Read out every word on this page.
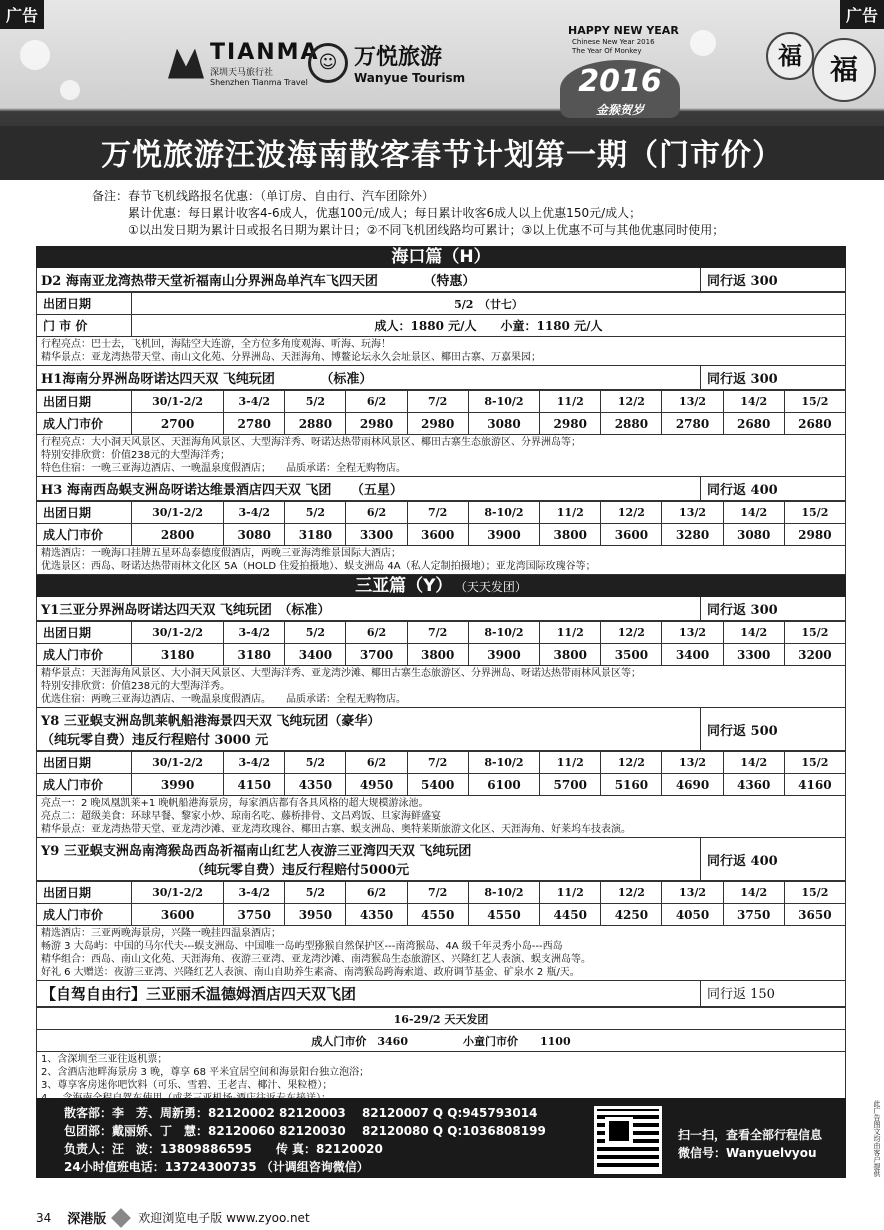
广告	广告
TIANMA
深圳天马旅行社
Shenzhen Tianma Travel
☺ 万悦旅游
Wanyue Tourism
HAPPY NEW YEAR
Chinese New Year 2016
The Year Of Monkey
2016
金猴贺岁
福 福
万悦旅游汪波海南散客春节计划第一期（门市价）
备注：春节飞机线路报名优惠：（单订房、自由行、汽车团除外）
　　　累计优惠：每日累计收客4-6成人，优惠100元/成人；每日累计收客6成人以上优惠150元/成人；
　　　①以出发日期为累计日或报名日期为累计日；②不同飞机团线路均可累计；③以上优惠不可与其他优惠同时使用；
海口篇（H）
D2 海南亚龙湾热带天堂祈福南山分界洲岛单汽车飞四天团　　　　	（特惠）	同行返 300
出团日期	5/2　（廿七）
门 市 价	成人：1880 元/人　　小童：1180 元/人
行程亮点：巴士去，飞机回，海陆空大连游，全方位多角度观海、听海、玩海！
精华景点：亚龙湾热带天堂、南山文化苑、分界洲岛、天涯海角、博鳌论坛永久会址景区、椰田古寨、万嘉果园；
H1海南分界洲岛呀诺达四天双 飞纯玩团　　　　	（标准）	同行返 300
出团日期	30/1-2/2	3-4/2	5/2	6/2	7/2	8-10/2	11/2	12/2	13/2	14/2	15/2
成人门市价	2700	2780	2880	2980	2980	3080	2980	2880	2780	2680	2680
行程亮点：大小洞天风景区、天涯海角风景区、大型海洋秀、呀诺达热带雨林风景区、椰田古寨生态旅游区、分界洲岛等；
特别安排欣赏：价值238元的大型海洋秀；
特色住宿：一晚三亚海边酒店、一晚温泉度假酒店；　　品质承诺：全程无购物店。
H3 海南西岛蜈支洲岛呀诺达维景酒店四天双 飞团　　 （五星）	同行返 400
出团日期	30/1-2/2	3-4/2	5/2	6/2	7/2	8-10/2	11/2	12/2	13/2	14/2	15/2
成人门市价	2800	3080	3180	3300	3600	3900	3800	3600	3280	3080	2980
精选酒店：一晚海口挂牌五星环岛泰德度假酒店，两晚三亚海湾维景国际大酒店；
优选景区：西岛、呀诺达热带雨林文化区 5A（HOLD 住爱拍摄地）、蜈支洲岛 4A（私人定制拍摄地）；亚龙湾国际玫瑰谷等；
三亚篇（Y）　 （天天发团）
Y1三亚分界洲岛呀诺达四天双 飞纯玩团　 （标准）	同行返 300
出团日期	30/1-2/2	3-4/2	5/2	6/2	7/2	8-10/2	11/2	12/2	13/2	14/2	15/2
成人门市价	3180	3180	3400	3700	3800	3900	3800	3500	3400	3300	3200
精华景点：天涯海角风景区、大小洞天风景区、大型海洋秀、亚龙湾沙滩、椰田古寨生态旅游区、分界洲岛、呀诺达热带雨林风景区等；
特别安排欣赏：价值238元的大型海洋秀。
优选住宿：两晚三亚海边酒店、一晚温泉度假酒店。　　品质承诺：全程无购物店。
Y8 三亚蜈支洲岛凯莱帆船港海景四天双 飞纯玩团（豪华）
（纯玩零自费）违反行程赔付 3000 元
同行返 500
出团日期	30/1-2/2	3-4/2	5/2	6/2	7/2	8-10/2	11/2	12/2	13/2	14/2	15/2
成人门市价	3990	4150	4350	4950	5400	6100	5700	5160	4690	4360	4160
亮点一：2 晚凤凰凯莱+1 晚帆船港海景房，每家酒店都有各具风格的超大规模游泳池。
亮点二：超级美食：环球早餐、黎家小炒、琼南名吃、藤桥排骨、文昌鸡饭、旦家海鲜盛宴
精华景点：亚龙湾热带天堂、亚龙湾沙滩、亚龙湾玫瑰谷、椰田古寨、蜈支洲岛、奥特莱斯旅游文化区、天涯海角、好莱坞车技表演。
Y9 三亚蜈支洲岛南湾猴岛西岛祈福南山红艺人夜游三亚湾四天双 飞纯玩团
（纯玩零自费）违反行程赔付5000元
同行返 400
出团日期	30/1-2/2	3-4/2	5/2	6/2	7/2	8-10/2	11/2	12/2	13/2	14/2	15/2
成人门市价	3600	3750	3950	4350	4550	4550	4450	4250	4050	3750	3650
精选酒店：三亚两晚海景房，兴隆一晚挂四温泉酒店；
畅游 3 大岛屿：中国的马尔代夫---蜈支洲岛、中国唯一岛屿型猕猴自然保护区---南湾猴岛、4A 级千年灵秀小岛---西岛
精华组合：西岛、南山文化苑、天涯海角、夜游三亚湾、亚龙湾沙滩、南湾猴岛生态旅游区、兴隆红艺人表演、蜈支洲岛等。
好礼 6 大赠送：夜游三亚湾、兴隆红艺人表演、南山自助养生素斋、南湾猴岛跨海索道、政府调节基金、矿泉水 2 瓶/天。
【自驾自由行】三亚丽禾温德姆酒店四天双飞团	同行返 150
16-29/2 天天发团
成人门市价　3460　　　　　小童门市价　　1100
1、含深圳至三亚往返机票；
2、含酒店池畔海景房 3 晚，尊享 68 平米宜居空间和海景阳台独立泡浴；
3、尊享客房迷你吧饮料（可乐、雪碧、王老吉、椰汁、果粒橙）；
散客部：李　芳、周新勇：82120002 82120003　 82120007 Q Q:945793014
包团部：戴丽娇、丁　慧：82120060 82120030　 82120080 Q Q:1036808199
负责人：汪　波：13809886595　　传 真：82120020
24小时值班电话：13724300735 （计调组咨询微信）
扫一扫，查看全部行程信息
微信号：Wanyuelvyou
34 深港版	欢迎浏览电子版 www.zyoo.net
此广告图文均由客户提供
